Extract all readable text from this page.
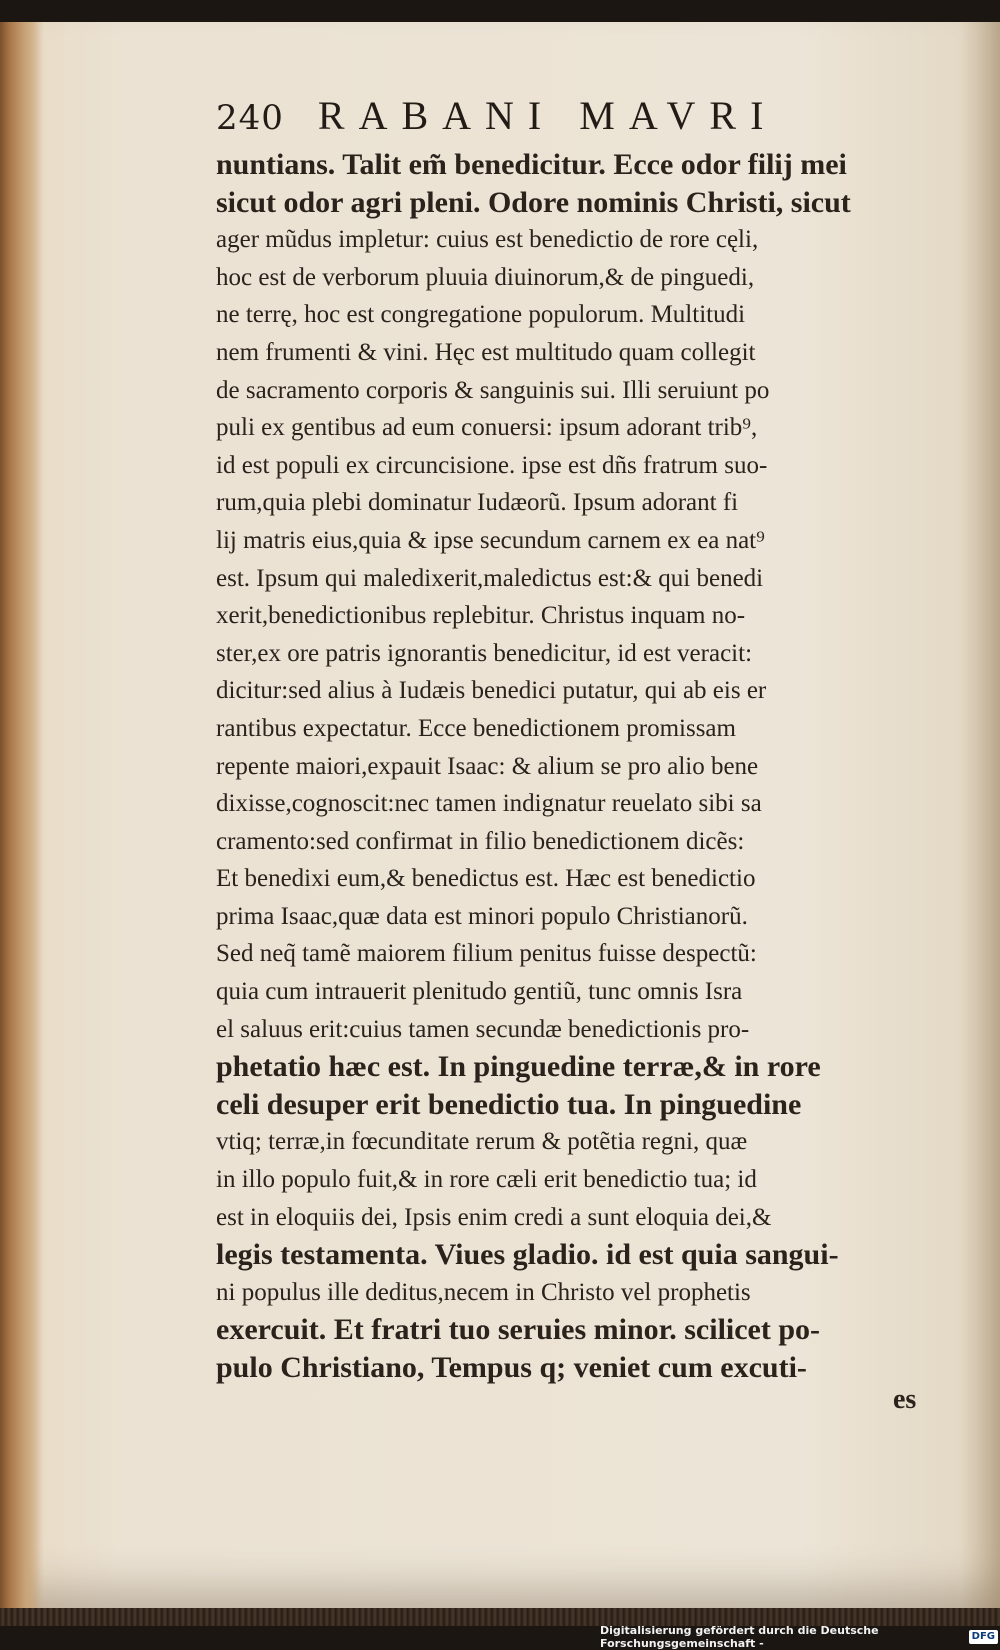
240 RABANI MAVRI
nuntians. Talit em̃ benedicitur. Ecce odor filij mei
sicut odor agri pleni. Odore nominis Christi, sicut
ager mũdus impletur: cuius est benedictio de rore cęli,
hoc est de verborum pluuia diuinorum,& de pinguedi,
ne terrę, hoc est congregatione populorum. Multitudi
nem frumenti & vini. Hęc est multitudo quam collegit
de sacramento corporis & sanguinis sui. Illi seruiunt po
puli ex gentibus ad eum conuersi: ipsum adorant trib⁹,
id est populi ex circuncisione. ipse est dñs fratrum suo-
rum,quia plebi dominatur Iudæorũ. Ipsum adorant fi
lij matris eius,quia & ipse secundum carnem ex ea nat⁹
est. Ipsum qui maledixerit,maledictus est:& qui benedi
xerit,benedictionibus replebitur. Christus inquam no-
ster,ex ore patris ignorantis benedicitur, id est veracit:
dicitur:sed alius à Iudæis benedici putatur, qui ab eis er
rantibus expectatur. Ecce benedictionem promissam
repente maiori,expauit Isaac: & alium se pro alio bene
dixisse,cognoscit:nec tamen indignatur reuelato sibi sa
cramento:sed confirmat in filio benedictionem dicẽs:
Et benedixi eum,& benedictus est. Hæc est benedictio
prima Isaac,quæ data est minori populo Christianorũ.
Sed neq̃ tamẽ maiorem filium penitus fuisse despectũ:
quia cum intrauerit plenitudo gentiũ, tunc omnis Isra
el saluus erit:cuius tamen secundæ benedictionis pro-
phetatio hæc est. In pinguedine terræ,& in rore
celi desuper erit benedictio tua. In pinguedine
vtiq; terræ,in fœcunditate rerum & potẽtia regni, quæ
in illo populo fuit,& in rore cæli erit benedictio tua; id
est in eloquiis dei, Ipsis enim credi a sunt eloquia dei,&
legis testamenta. Viues gladio. id est quia sangui-
ni populus ille deditus,necem in Christo vel prophetis
exercuit. Et fratri tuo seruies minor. scilicet po-
pulo Christiano, Tempus q; veniet cum excuti-
es
Digitalisierung gefördert durch die Deutsche Forschungsgemeinschaft -
DFG
